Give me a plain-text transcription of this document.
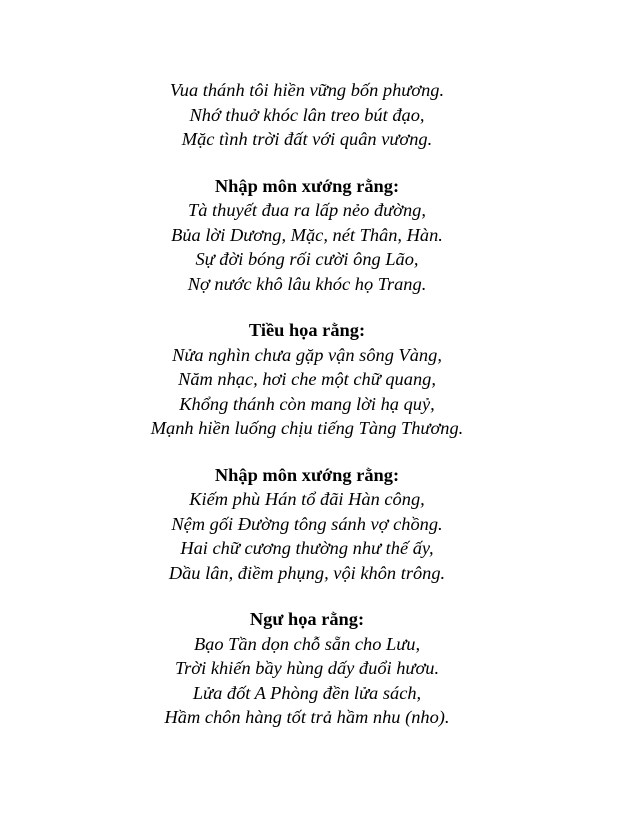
Vua thánh tôi hiền vững bốn phương.
Nhớ thuở khóc lân treo bút đạo,
Mặc tình trời đất với quân vương.
Nhập môn xướng rằng:
Tà thuyết đua ra lấp nẻo đường,
Bủa lời Dương, Mặc, nét Thân, Hàn.
Sự đời bóng rối cười ông Lão,
Nợ nước khô lâu khóc họ Trang.
Tiều họa rằng:
Nửa nghìn chưa gặp vận sông Vàng,
Năm nhạc, hơi che một chữ quang,
Khổng thánh còn mang lời hạ quỷ,
Mạnh hiền luống chịu tiếng Tàng Thương.
Nhập môn xướng rằng:
Kiếm phù Hán tổ đãi Hàn công,
Nệm gối Đường tông sánh vợ chồng.
Hai chữ cương thường như thế ấy,
Dầu lân, điềm phụng, vội khôn trông.
Ngư họa rằng:
Bạo Tần dọn chỗ sẵn cho Lưu,
Trời khiến bầy hùng dấy đuổi hươu.
Lửa đốt A Phòng đền lửa sách,
Hầm chôn hàng tốt trả hầm nhu (nho).
